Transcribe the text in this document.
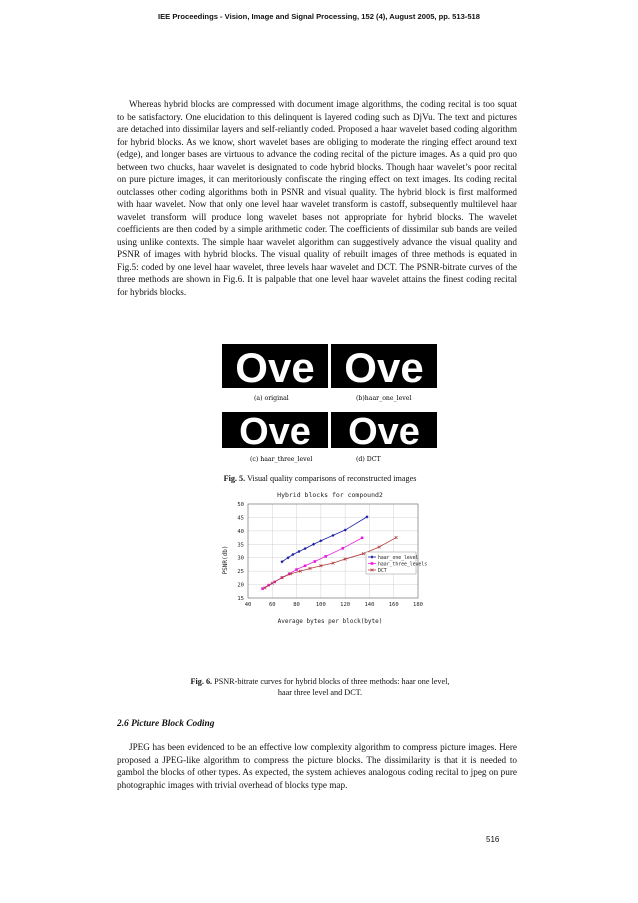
IEE Proceedings - Vision, Image and Signal Processing, 152 (4), August 2005, pp. 513-518

Whereas hybrid blocks are compressed with document image algorithms, the coding recital is too squat to be satisfactory. One elucidation to this delinquent is layered coding such as DjVu. The text and pictures are detached into dissimilar layers and self-reliantly coded. Proposed a haar wavelet based coding algorithm for hybrid blocks. As we know, short wavelet bases are obliging to moderate the ringing effect around text (edge), and longer bases are virtuous to advance the coding recital of the picture images. As a quid pro quo between two chucks, haar wavelet is designated to code hybrid blocks. Though haar wavelet’s poor recital on pure picture images, it can meritoriously confiscate the ringing effect on text images. Its coding recital outclasses other coding algorithms both in PSNR and visual quality. The hybrid block is first malformed with haar wavelet. Now that only one level haar wavelet transform is castoff, subsequently multilevel haar wavelet transform will produce long wavelet bases not appropriate for hybrid blocks. The wavelet coefficients are then coded by a simple arithmetic coder. The coefficients of dissimilar sub bands are veiled using unlike contexts. The simple haar wavelet algorithm can suggestively advance the visual quality and PSNR of images with hybrid blocks. The visual quality of rebuilt images of three methods is equated in Fig.5: coded by one level haar wavelet, three levels haar wavelet and DCT. The PSNR-bitrate curves of the three methods are shown in Fig.6. It is palpable that one level haar wavelet attains the finest coding recital for hybrids blocks.

Ove Ove
(a) original	(b)haar_one_level
Ove Ove
(c) haar_three_level	(d) DCT
Fig. 5. Visual quality comparisons of reconstructed images
Hybrid blocks for compound2
40	60	80	100	120	140	160	180
15
20
25
30
35
40
45
50
haar_one_level
haar_three_levels
DCT
Average bytes per block(byte)
PSNR(db)
Fig. 6. PSNR-bitrate curves for hybrid blocks of three methods: haar one level,
haar three level and DCT.
2.6 Picture Block Coding

JPEG has been evidenced to be an effective low complexity algorithm to compress picture images. Here proposed a JPEG-like algorithm to compress the picture blocks. The dissimilarity is that it is needed to gambol the blocks of other types. As expected, the system achieves analogous coding recital to jpeg on pure photographic images with trivial overhead of blocks type map.

516
